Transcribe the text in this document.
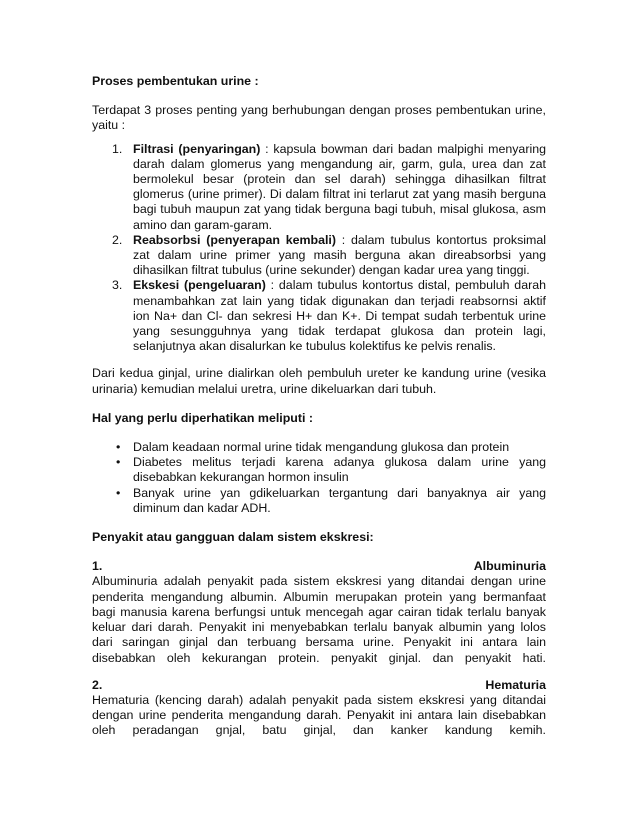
Proses pembentukan urine :

Terdapat 3 proses penting yang berhubungan dengan proses pembentukan urine, yaitu :

1. Filtrasi (penyaringan) : kapsula bowman dari badan malpighi menyaring darah dalam glomerus yang mengandung air, garm, gula, urea dan zat bermolekul besar (protein dan sel darah) sehingga dihasilkan filtrat glomerus (urine primer). Di dalam filtrat ini terlarut zat yang masih berguna bagi tubuh maupun zat yang tidak berguna bagi tubuh, misal glukosa, asm amino dan garam-garam.
2. Reabsorbsi (penyerapan kembali) : dalam tubulus kontortus proksimal zat dalam urine primer yang masih berguna akan direabsorbsi yang dihasilkan filtrat tubulus (urine sekunder) dengan kadar urea yang tinggi.
3. Ekskesi (pengeluaran) : dalam tubulus kontortus distal, pembuluh darah menambahkan zat lain yang tidak digunakan dan terjadi reabsornsi aktif ion Na+ dan Cl- dan sekresi H+ dan K+. Di tempat sudah terbentuk urine yang sesungguhnya yang tidak terdapat glukosa dan protein lagi, selanjutnya akan disalurkan ke tubulus kolektifus ke pelvis renalis.

Dari kedua ginjal, urine dialirkan oleh pembuluh ureter ke kandung urine (vesika urinaria) kemudian melalui uretra, urine dikeluarkan dari tubuh.

Hal yang perlu diperhatikan meliputi :

• Dalam keadaan normal urine tidak mengandung glukosa dan protein
• Diabetes melitus terjadi karena adanya glukosa dalam urine yang disebabkan kekurangan hormon insulin
• Banyak urine yan gdikeluarkan tergantung dari banyaknya air yang diminum dan kadar ADH.

Penyakit atau gangguan dalam sistem ekskresi:

1.	Albuminuria

Albuminuria adalah penyakit pada sistem ekskresi yang ditandai dengan urine penderita mengandung albumin. Albumin merupakan protein yang bermanfaat bagi manusia karena berfungsi untuk mencegah agar cairan tidak terlalu banyak keluar dari darah. Penyakit ini menyebabkan terlalu banyak albumin yang lolos dari saringan ginjal dan terbuang bersama urine. Penyakit ini antara lain disebabkan oleh kekurangan protein. penyakit ginjal. dan penyakit hati.

2.	Hematuria

Hematuria (kencing darah) adalah penyakit pada sistem ekskresi yang ditandai dengan urine penderita mengandung darah. Penyakit ini antara lain disebabkan oleh peradangan gnjal, batu ginjal, dan kanker kandung kemih.
